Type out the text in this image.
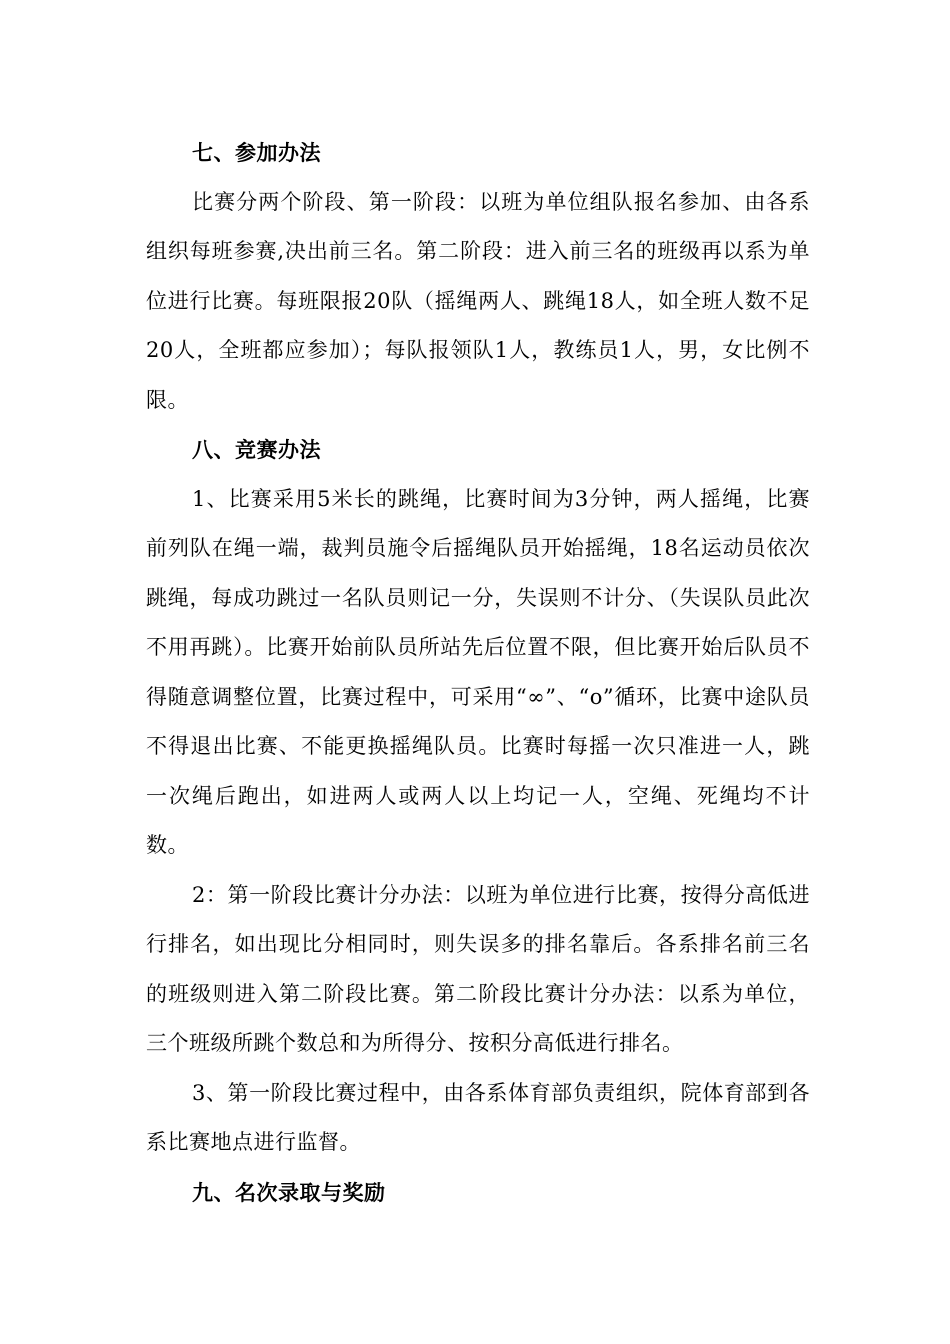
七、参加办法
比赛分两个阶段、第一阶段：以班为单位组队报名参加、由各系组织每班参赛,决出前三名。第二阶段：进入前三名的班级再以系为单位进行比赛。每班限报20队（摇绳两人、跳绳18人，如全班人数不足20人，全班都应参加）；每队报领队1人，教练员1人，男，女比例不限。
八、竞赛办法
1、比赛采用5米长的跳绳，比赛时间为3分钟，两人摇绳，比赛前列队在绳一端，裁判员施令后摇绳队员开始摇绳，18名运动员依次跳绳，每成功跳过一名队员则记一分，失误则不计分、（失误队员此次不用再跳）。比赛开始前队员所站先后位置不限，但比赛开始后队员不得随意调整位置，比赛过程中，可采用“∞”、“o”循环，比赛中途队员不得退出比赛、不能更换摇绳队员。比赛时每摇一次只准进一人，跳一次绳后跑出，如进两人或两人以上均记一人，空绳、死绳均不计数。
2：第一阶段比赛计分办法：以班为单位进行比赛，按得分高低进行排名，如出现比分相同时，则失误多的排名靠后。各系排名前三名的班级则进入第二阶段比赛。第二阶段比赛计分办法：以系为单位，三个班级所跳个数总和为所得分、按积分高低进行排名。
3、第一阶段比赛过程中，由各系体育部负责组织，院体育部到各系比赛地点进行监督。
九、名次录取与奖励
